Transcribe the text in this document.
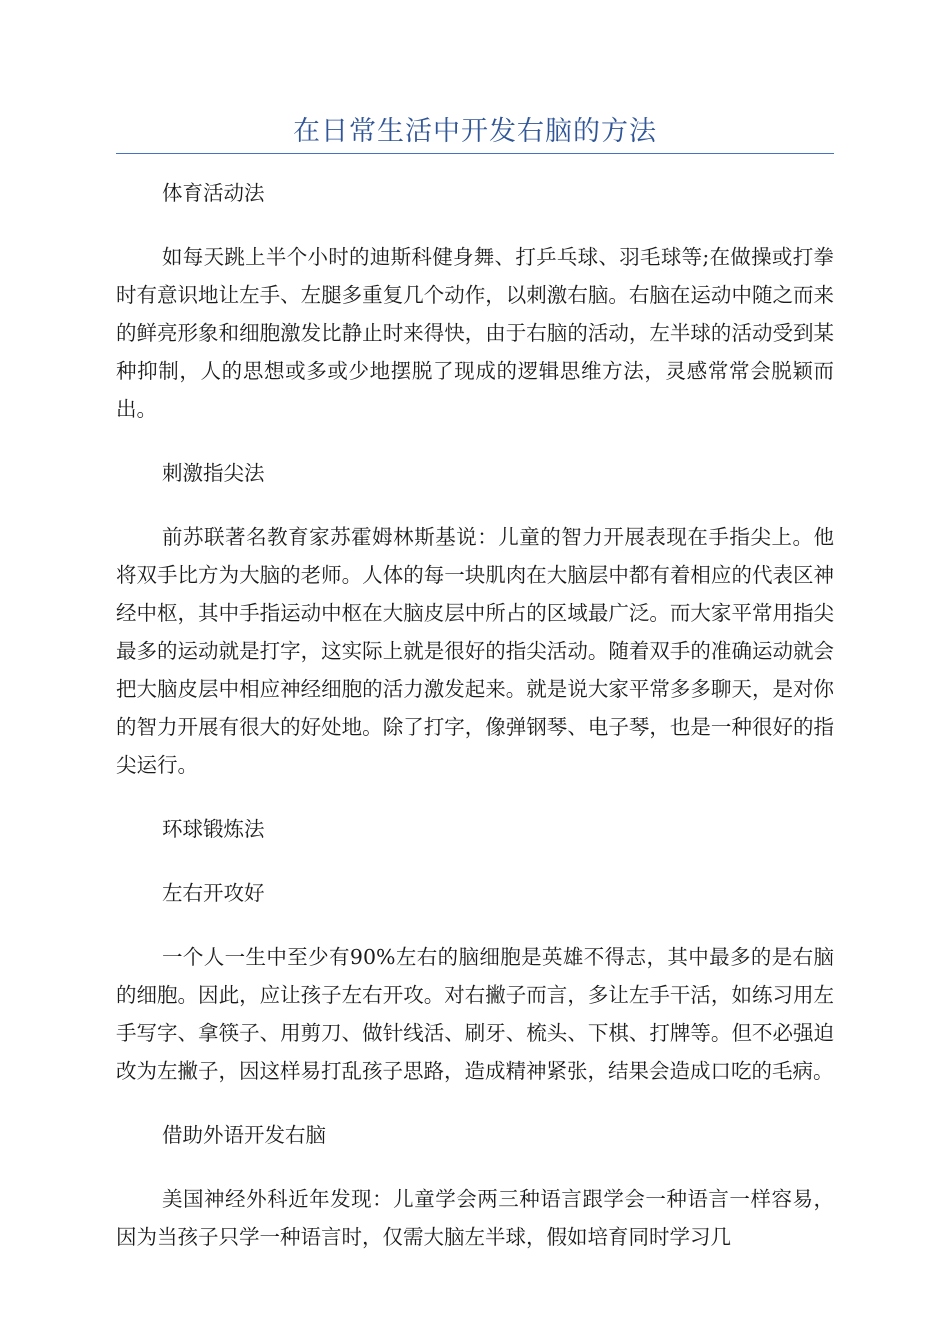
在日常生活中开发右脑的方法

体育活动法

如每天跳上半个小时的迪斯科健身舞、打乒乓球、羽毛球等;在做操或打拳时有意识地让左手、左腿多重复几个动作，以刺激右脑。右脑在运动中随之而来的鲜亮形象和细胞激发比静止时来得快，由于右脑的活动，左半球的活动受到某种抑制，人的思想或多或少地摆脱了现成的逻辑思维方法，灵感常常会脱颖而出。

刺激指尖法

前苏联著名教育家苏霍姆林斯基说：儿童的智力开展表现在手指尖上。他将双手比方为大脑的老师。人体的每一块肌肉在大脑层中都有着相应的代表区神经中枢，其中手指运动中枢在大脑皮层中所占的区域最广泛。而大家平常用指尖最多的运动就是打字，这实际上就是很好的指尖活动。随着双手的准确运动就会把大脑皮层中相应神经细胞的活力激发起来。就是说大家平常多多聊天，是对你的智力开展有很大的好处地。除了打字，像弹钢琴、电子琴，也是一种很好的指尖运行。

环球锻炼法

左右开攻好

一个人一生中至少有90%左右的脑细胞是英雄不得志，其中最多的是右脑的细胞。因此，应让孩子左右开攻。对右撇子而言，多让左手干活，如练习用左手写字、拿筷子、用剪刀、做针线活、刷牙、梳头、下棋、打牌等。但不必强迫改为左撇子，因这样易打乱孩子思路，造成精神紧张，结果会造成口吃的毛病。

借助外语开发右脑

美国神经外科近年发现：儿童学会两三种语言跟学会一种语言一样容易，因为当孩子只学一种语言时，仅需大脑左半球，假如培育同时学习几
